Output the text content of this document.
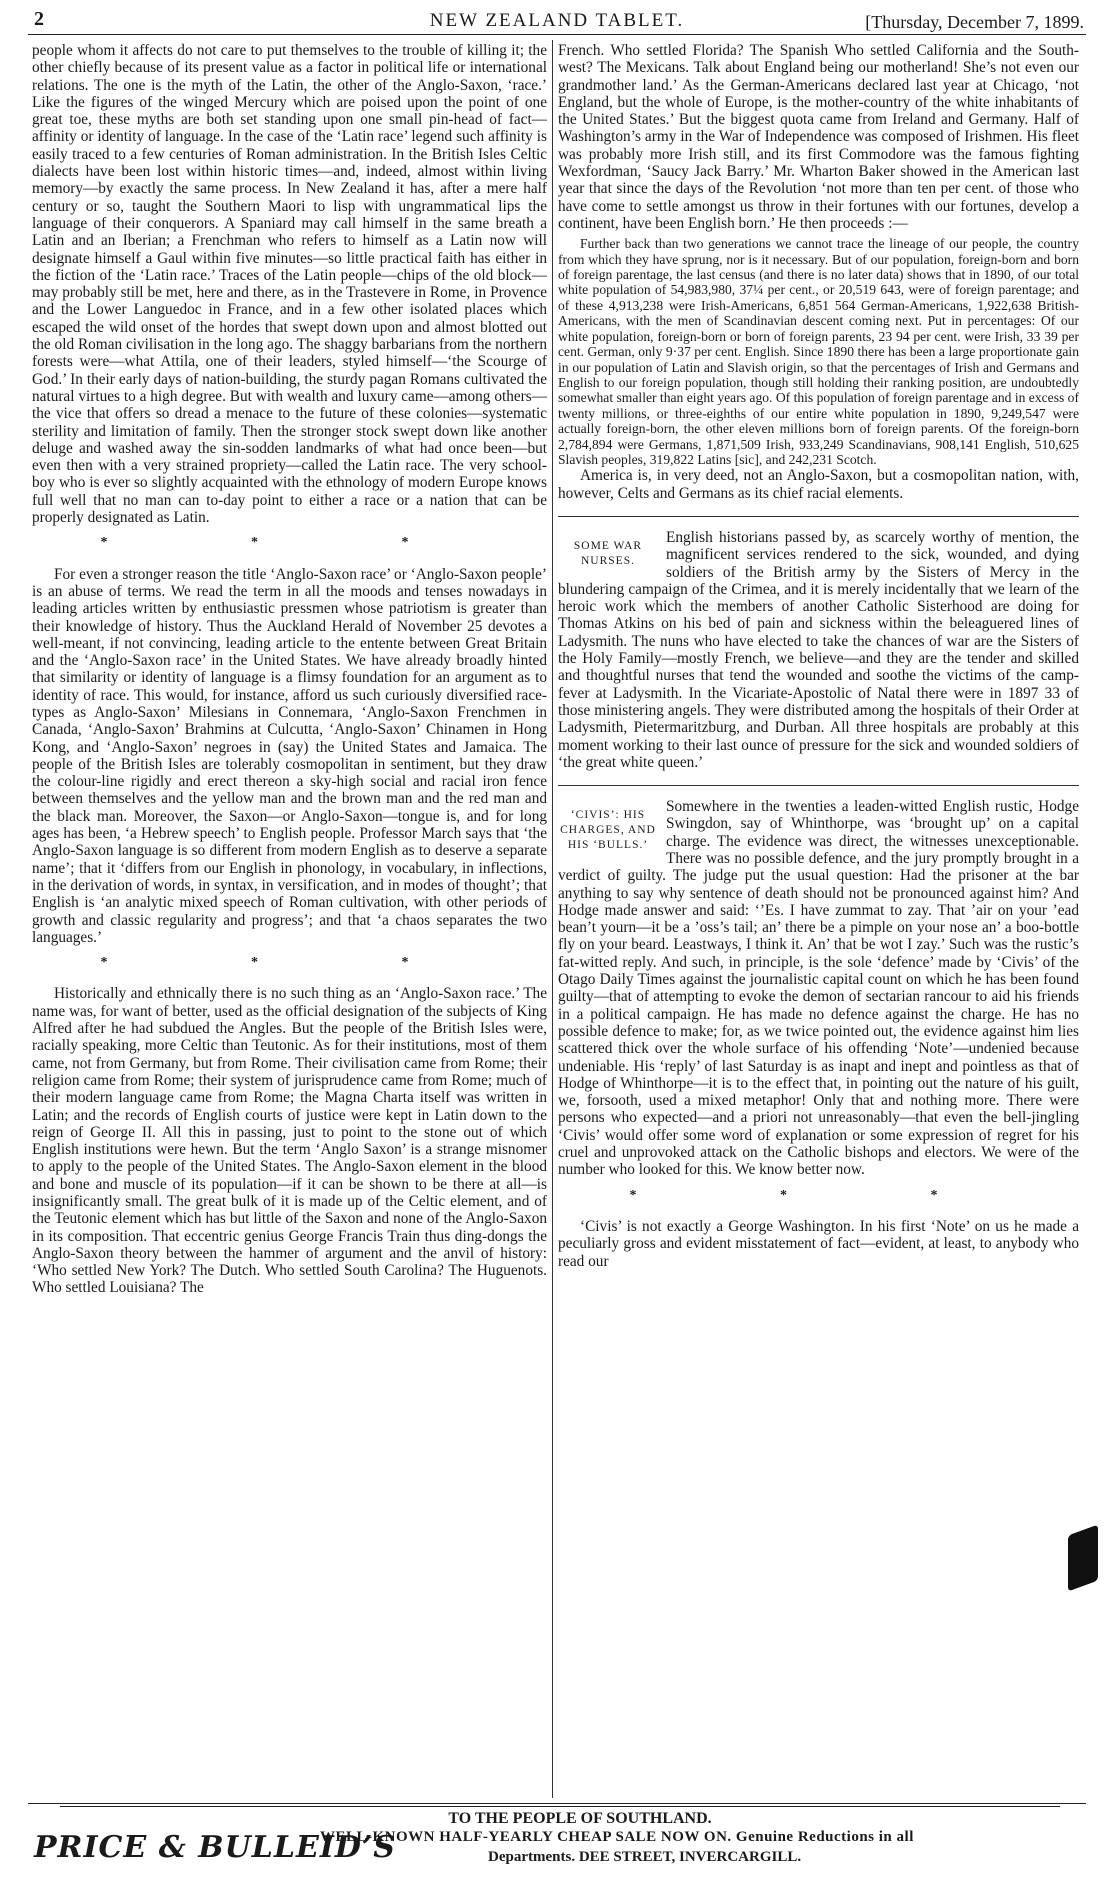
2	NEW ZEALAND TABLET.	[Thursday, December 7, 1899.

people whom it affects do not care to put themselves to the trouble of killing it; the other chiefly because of its present value as a factor in political life or international relations. The one is the myth of the Latin, the other of the Anglo-Saxon, ‘race.’ Like the figures of the winged Mercury which are poised upon the point of one great toe, these myths are both set standing upon one small pin-head of fact—affinity or identity of language. In the case of the ‘Latin race’ legend such affinity is easily traced to a few centuries of Roman administration. In the British Isles Celtic dialects have been lost within historic times—and, indeed, almost within living memory—by exactly the same process. In New Zealand it has, after a mere half century or so, taught the Southern Maori to lisp with ungrammatical lips the language of their conquerors. A Spaniard may call himself in the same breath a Latin and an Iberian; a Frenchman who refers to himself as a Latin now will designate himself a Gaul within five minutes—so little practical faith has either in the fiction of the ‘Latin race.’ Traces of the Latin people—chips of the old block—may probably still be met, here and there, as in the Trastevere in Rome, in Provence and the Lower Languedoc in France, and in a few other isolated places which escaped the wild onset of the hordes that swept down upon and almost blotted out the old Roman civilisation in the long ago. The shaggy barbarians from the northern forests were—what Attila, one of their leaders, styled himself—‘the Scourge of God.’ In their early days of nation-building, the sturdy pagan Romans cultivated the natural virtues to a high degree. But with wealth and luxury came—among others—the vice that offers so dread a menace to the future of these colonies—systematic sterility and limitation of family. Then the stronger stock swept down like another deluge and washed away the sin-sodden landmarks of what had once been—but even then with a very strained propriety—called the Latin race. The very school-boy who is ever so slightly acquainted with the ethnology of modern Europe knows full well that no man can to-day point to either a race or a nation that can be properly designated as Latin.

* * *

For even a stronger reason the title ‘Anglo-Saxon race’ or ‘Anglo-Saxon people’ is an abuse of terms. We read the term in all the moods and tenses nowadays in leading articles written by enthusiastic pressmen whose patriotism is greater than their knowledge of history. Thus the Auckland Herald of November 25 devotes a well-meant, if not convincing, leading article to the entente between Great Britain and the ‘Anglo-Saxon race’ in the United States. We have already broadly hinted that similarity or identity of language is a flimsy foundation for an argument as to identity of race. This would, for instance, afford us such curiously diversified race-types as Anglo-Saxon’ Milesians in Connemara, ‘Anglo-Saxon Frenchmen in Canada, ‘Anglo-Saxon’ Brahmins at Culcutta, ‘Anglo-Saxon’ Chinamen in Hong Kong, and ‘Anglo-Saxon’ negroes in (say) the United States and Jamaica. The people of the British Isles are tolerably cosmopolitan in sentiment, but they draw the colour-line rigidly and erect thereon a sky-high social and racial iron fence between themselves and the yellow man and the brown man and the red man and the black man. Moreover, the Saxon—or Anglo-Saxon—tongue is, and for long ages has been, ‘a Hebrew speech’ to English people. Professor March says that ‘the Anglo-Saxon language is so different from modern English as to deserve a separate name’; that it ‘differs from our English in phonology, in vocabulary, in inflections, in the derivation of words, in syntax, in versification, and in modes of thought’; that English is ‘an analytic mixed speech of Roman cultivation, with other periods of growth and classic regularity and progress’; and that ‘a chaos separates the two languages.’

* * *

Historically and ethnically there is no such thing as an ‘Anglo-Saxon race.’ The name was, for want of better, used as the official designation of the subjects of King Alfred after he had subdued the Angles. But the people of the British Isles were, racially speaking, more Celtic than Teutonic. As for their institutions, most of them came, not from Germany, but from Rome. Their civilisation came from Rome; their religion came from Rome; their system of jurisprudence came from Rome; much of their modern language came from Rome; the Magna Charta itself was written in Latin; and the records of English courts of justice were kept in Latin down to the reign of George II. All this in passing, just to point to the stone out of which English institutions were hewn. But the term ‘Anglo Saxon’ is a strange misnomer to apply to the people of the United States. The Anglo-Saxon element in the blood and bone and muscle of its population—if it can be shown to be there at all—is insignificantly small. The great bulk of it is made up of the Celtic element, and of the Teutonic element which has but little of the Saxon and none of the Anglo-Saxon in its composition. That eccentric genius George Francis Train thus ding-dongs the Anglo-Saxon theory between the hammer of argument and the anvil of history: ‘Who settled New York? The Dutch. Who settled South Carolina? The Huguenots. Who settled Louisiana? The

French. Who settled Florida? The Spanish Who settled California and the South-west? The Mexicans. Talk about England being our motherland! She’s not even our grandmother land.’ As the German-Americans declared last year at Chicago, ‘not England, but the whole of Europe, is the mother-country of the white inhabitants of the United States.’ But the biggest quota came from Ireland and Germany. Half of Washington’s army in the War of Independence was composed of Irishmen. His fleet was probably more Irish still, and its first Commodore was the famous fighting Wexfordman, ‘Saucy Jack Barry.’ Mr. Wharton Baker showed in the American last year that since the days of the Revolution ‘not more than ten per cent. of those who have come to settle amongst us throw in their fortunes with our fortunes, develop a continent, have been English born.’ He then proceeds :—

Further back than two generations we cannot trace the lineage of our people, the country from which they have sprung, nor is it necessary. But of our population, foreign-born and born of foreign parentage, the last census (and there is no later data) shows that in 1890, of our total white population of 54,983,980, 37¼ per cent., or 20,519 643, were of foreign parentage; and of these 4,913,238 were Irish-Americans, 6,851 564 German-Americans, 1,922,638 British-Americans, with the men of Scandinavian descent coming next. Put in percentages: Of our white population, foreign-born or born of foreign parents, 23 94 per cent. were Irish, 33 39 per cent. German, only 9·37 per cent. English. Since 1890 there has been a large proportionate gain in our population of Latin and Slavish origin, so that the percentages of Irish and Germans and English to our foreign population, though still holding their ranking position, are undoubtedly somewhat smaller than eight years ago. Of this population of foreign parentage and in excess of twenty millions, or three-eighths of our entire white population in 1890, 9,249,547 were actually foreign-born, the other eleven millions born of foreign parents. Of the foreign-born 2,784,894 were Germans, 1,871,509 Irish, 933,249 Scandinavians, 908,141 English, 510,625 Slavish peoples, 319,822 Latins [sic], and 242,231 Scotch.

America is, in very deed, not an Anglo-Saxon, but a cosmopolitan nation, with, however, Celts and Germans as its chief racial elements.

SOME WAR NURSES.

English historians passed by, as scarcely worthy of mention, the magnificent services rendered to the sick, wounded, and dying soldiers of the British army by the Sisters of Mercy in the blundering campaign of the Crimea, and it is merely incidentally that we learn of the heroic work which the members of another Catholic Sisterhood are doing for Thomas Atkins on his bed of pain and sickness within the beleaguered lines of Ladysmith. The nuns who have elected to take the chances of war are the Sisters of the Holy Family—mostly French, we believe—and they are the tender and skilled and thoughtful nurses that tend the wounded and soothe the victims of the camp-fever at Ladysmith. In the Vicariate-Apostolic of Natal there were in 1897 33 of those ministering angels. They were distributed among the hospitals of their Order at Ladysmith, Pietermaritzburg, and Durban. All three hospitals are probably at this moment working to their last ounce of pressure for the sick and wounded soldiers of ‘the great white queen.’

‘CIVIS’: HIS CHARGES, AND HIS ‘BULLS.’

Somewhere in the twenties a leaden-witted English rustic, Hodge Swingdon, say of Whinthorpe, was ‘brought up’ on a capital charge. The evidence was direct, the witnesses unexceptionable. There was no possible defence, and the jury promptly brought in a verdict of guilty. The judge put the usual question: Had the prisoner at the bar anything to say why sentence of death should not be pronounced against him? And Hodge made answer and said: ‘’Es. I have zummat to zay. That ’air on your ’ead bean’t yourn—it be a ’oss’s tail; an’ there be a pimple on your nose an’ a boo-bottle fly on your beard. Leastways, I think it. An’ that be wot I zay.’ Such was the rustic’s fat-witted reply. And such, in principle, is the sole ‘defence’ made by ‘Civis’ of the Otago Daily Times against the journalistic capital count on which he has been found guilty—that of attempting to evoke the demon of sectarian rancour to aid his friends in a political campaign. He has made no defence against the charge. He has no possible defence to make; for, as we twice pointed out, the evidence against him lies scattered thick over the whole surface of his offending ‘Note’—undenied because undeniable. His ‘reply’ of last Saturday is as inapt and inept and pointless as that of Hodge of Whinthorpe—it is to the effect that, in pointing out the nature of his guilt, we, forsooth, used a mixed metaphor! Only that and nothing more. There were persons who expected—and a priori not unreasonably—that even the bell-jingling ‘Civis’ would offer some word of explanation or some expression of regret for his cruel and unprovoked attack on the Catholic bishops and electors. We were of the number who looked for this. We know better now.

* * *

‘Civis’ is not exactly a George Washington. In his first ‘Note’ on us he made a peculiarly gross and evident misstatement of fact—evident, at least, to anybody who read our

PRICE & BULLEID’S
TO THE PEOPLE OF SOUTHLAND.
WELL-KNOWN HALF-YEARLY CHEAP SALE NOW ON. Genuine Reductions in all
Departments. DEE STREET, INVERCARGILL.
